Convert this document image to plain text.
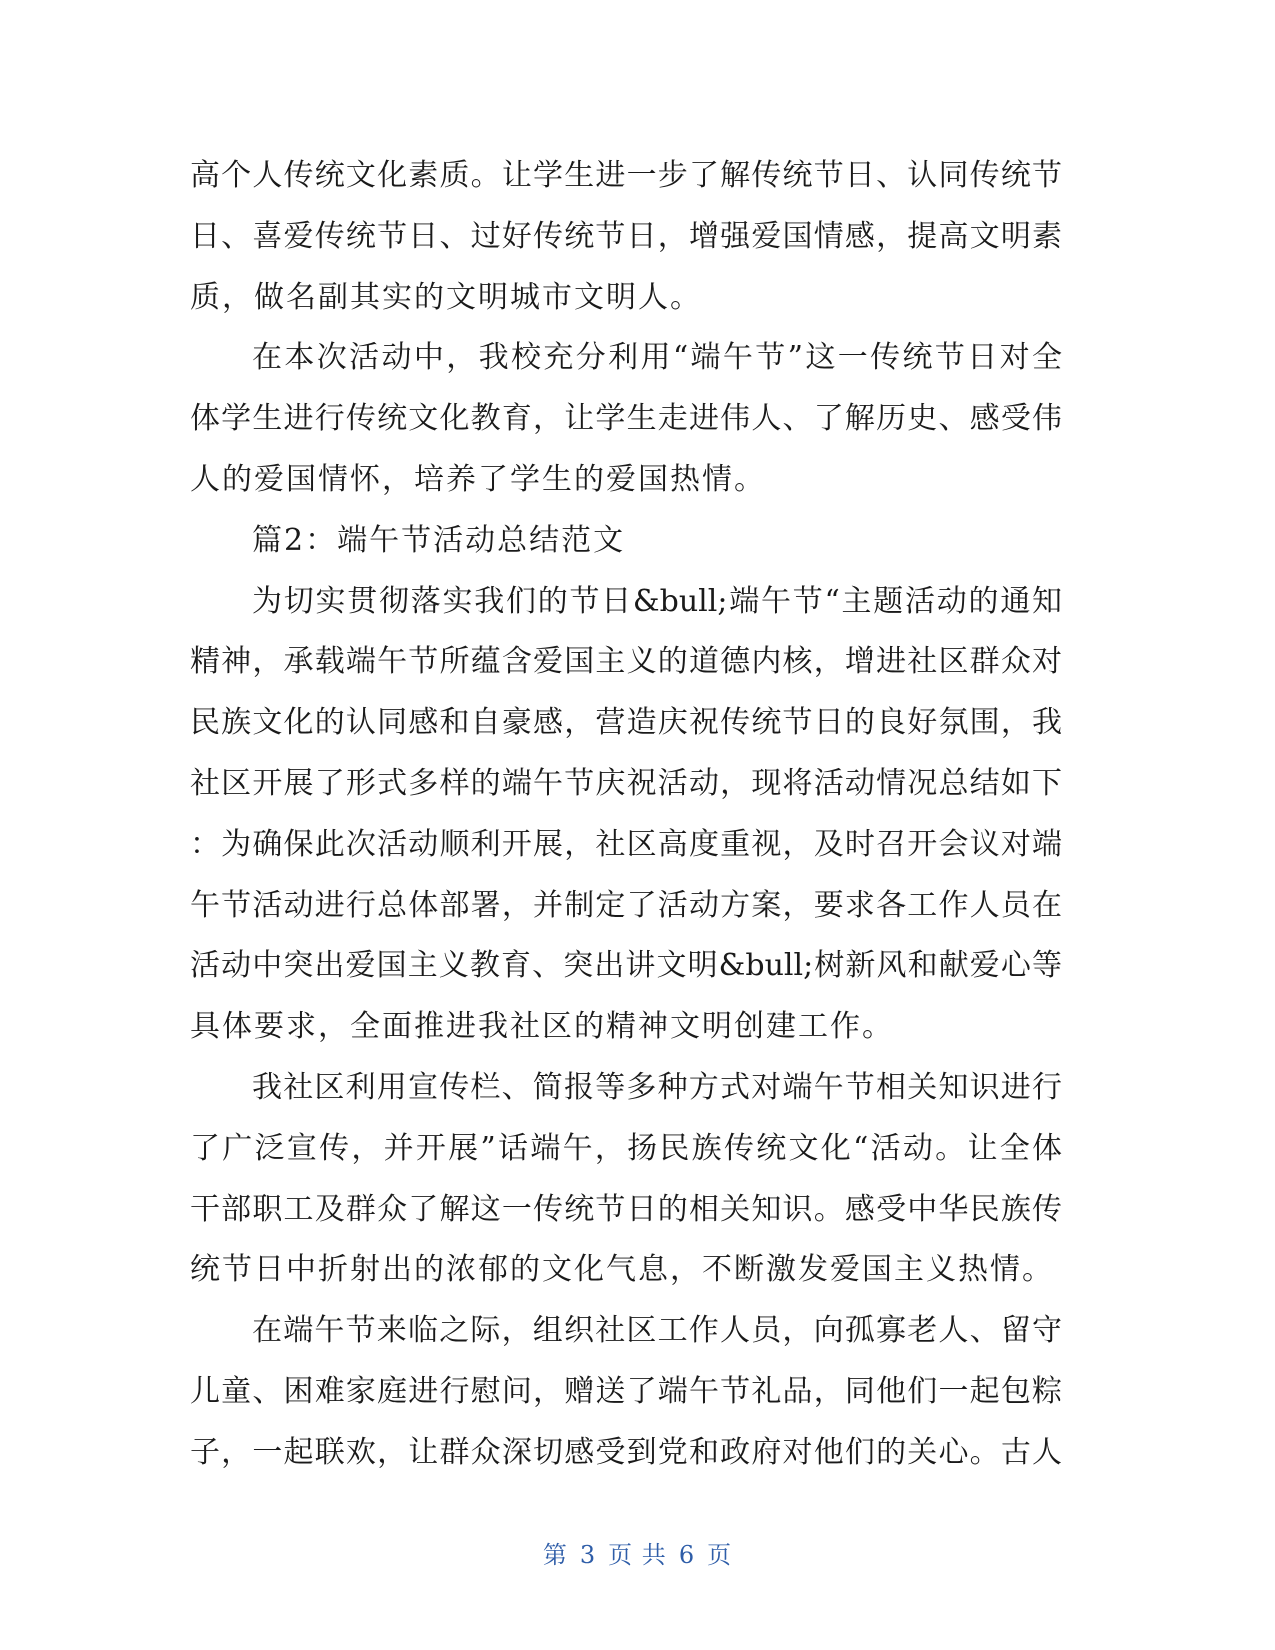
高个人传统文化素质。让学生进一步了解传统节日、认同传统节
日、喜爱传统节日、过好传统节日，增强爱国情感，提高文明素
质，做名副其实的文明城市文明人。
在本次活动中，我校充分利用“端午节”这一传统节日对全
体学生进行传统文化教育，让学生走进伟人、了解历史、感受伟
人的爱国情怀，培养了学生的爱国热情。
篇2：端午节活动总结范文
为切实贯彻落实我们的节日&bull;端午节“主题活动的通知
精神，承载端午节所蕴含爱国主义的道德内核，增进社区群众对
民族文化的认同感和自豪感，营造庆祝传统节日的良好氛围，我
社区开展了形式多样的端午节庆祝活动，现将活动情况总结如下
：为确保此次活动顺利开展，社区高度重视，及时召开会议对端
午节活动进行总体部署，并制定了活动方案，要求各工作人员在
活动中突出爱国主义教育、突出讲文明&bull;树新风和献爱心等
具体要求，全面推进我社区的精神文明创建工作。
我社区利用宣传栏、简报等多种方式对端午节相关知识进行
了广泛宣传，并开展”话端午，扬民族传统文化“活动。让全体
干部职工及群众了解这一传统节日的相关知识。感受中华民族传
统节日中折射出的浓郁的文化气息，不断激发爱国主义热情。
在端午节来临之际，组织社区工作人员，向孤寡老人、留守
儿童、困难家庭进行慰问，赠送了端午节礼品，同他们一起包粽
子，一起联欢，让群众深切感受到党和政府对他们的关心。古人
第 3 页 共 6 页
